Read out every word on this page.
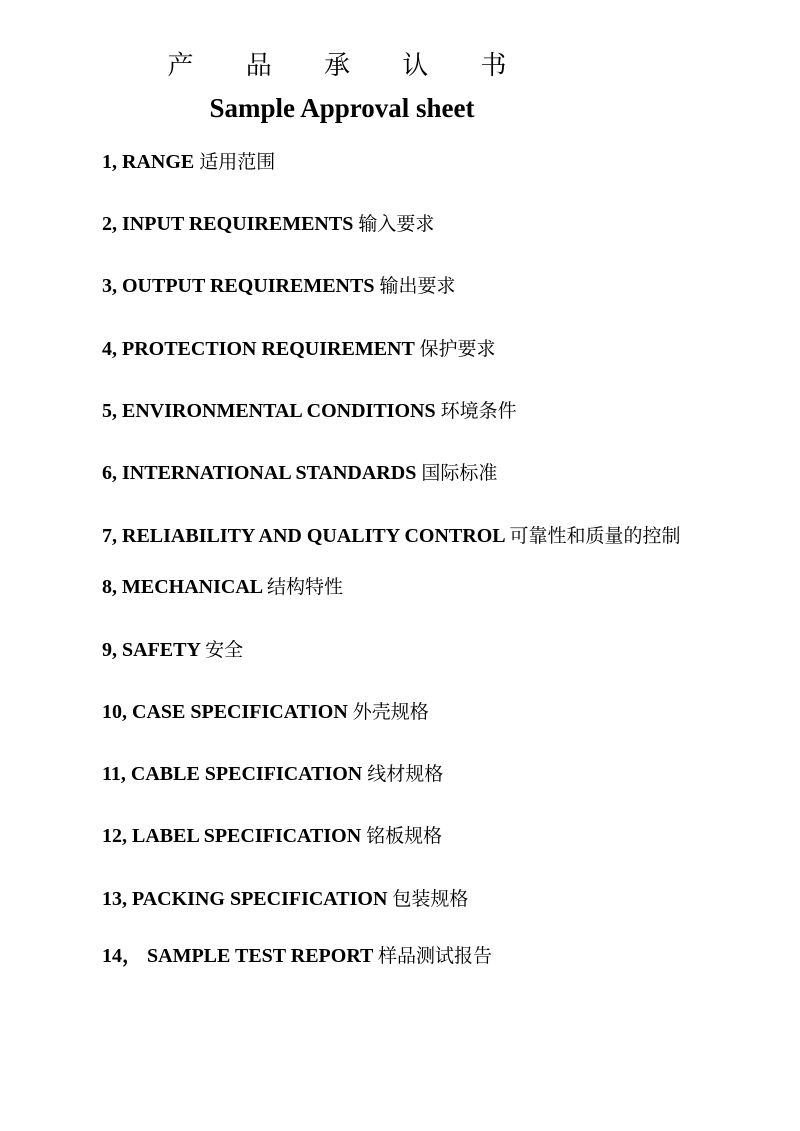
产 品 承 认 书
Sample Approval sheet
1, RANGE 适用范围
2, INPUT REQUIREMENTS 输入要求
3, OUTPUT REQUIREMENTS 输出要求
4, PROTECTION REQUIREMENT 保护要求
5, ENVIRONMENTAL CONDITIONS 环境条件
6, INTERNATIONAL STANDARDS 国际标准
7, RELIABILITY AND QUALITY CONTROL 可靠性和质量的控制
8, MECHANICAL 结构特性
9, SAFETY 安全
10, CASE SPECIFICATION 外壳规格
11, CABLE SPECIFICATION 线材规格
12, LABEL SPECIFICATION 铭板规格
13, PACKING SPECIFICATION 包装规格
14， SAMPLE TEST REPORT 样品测试报告
